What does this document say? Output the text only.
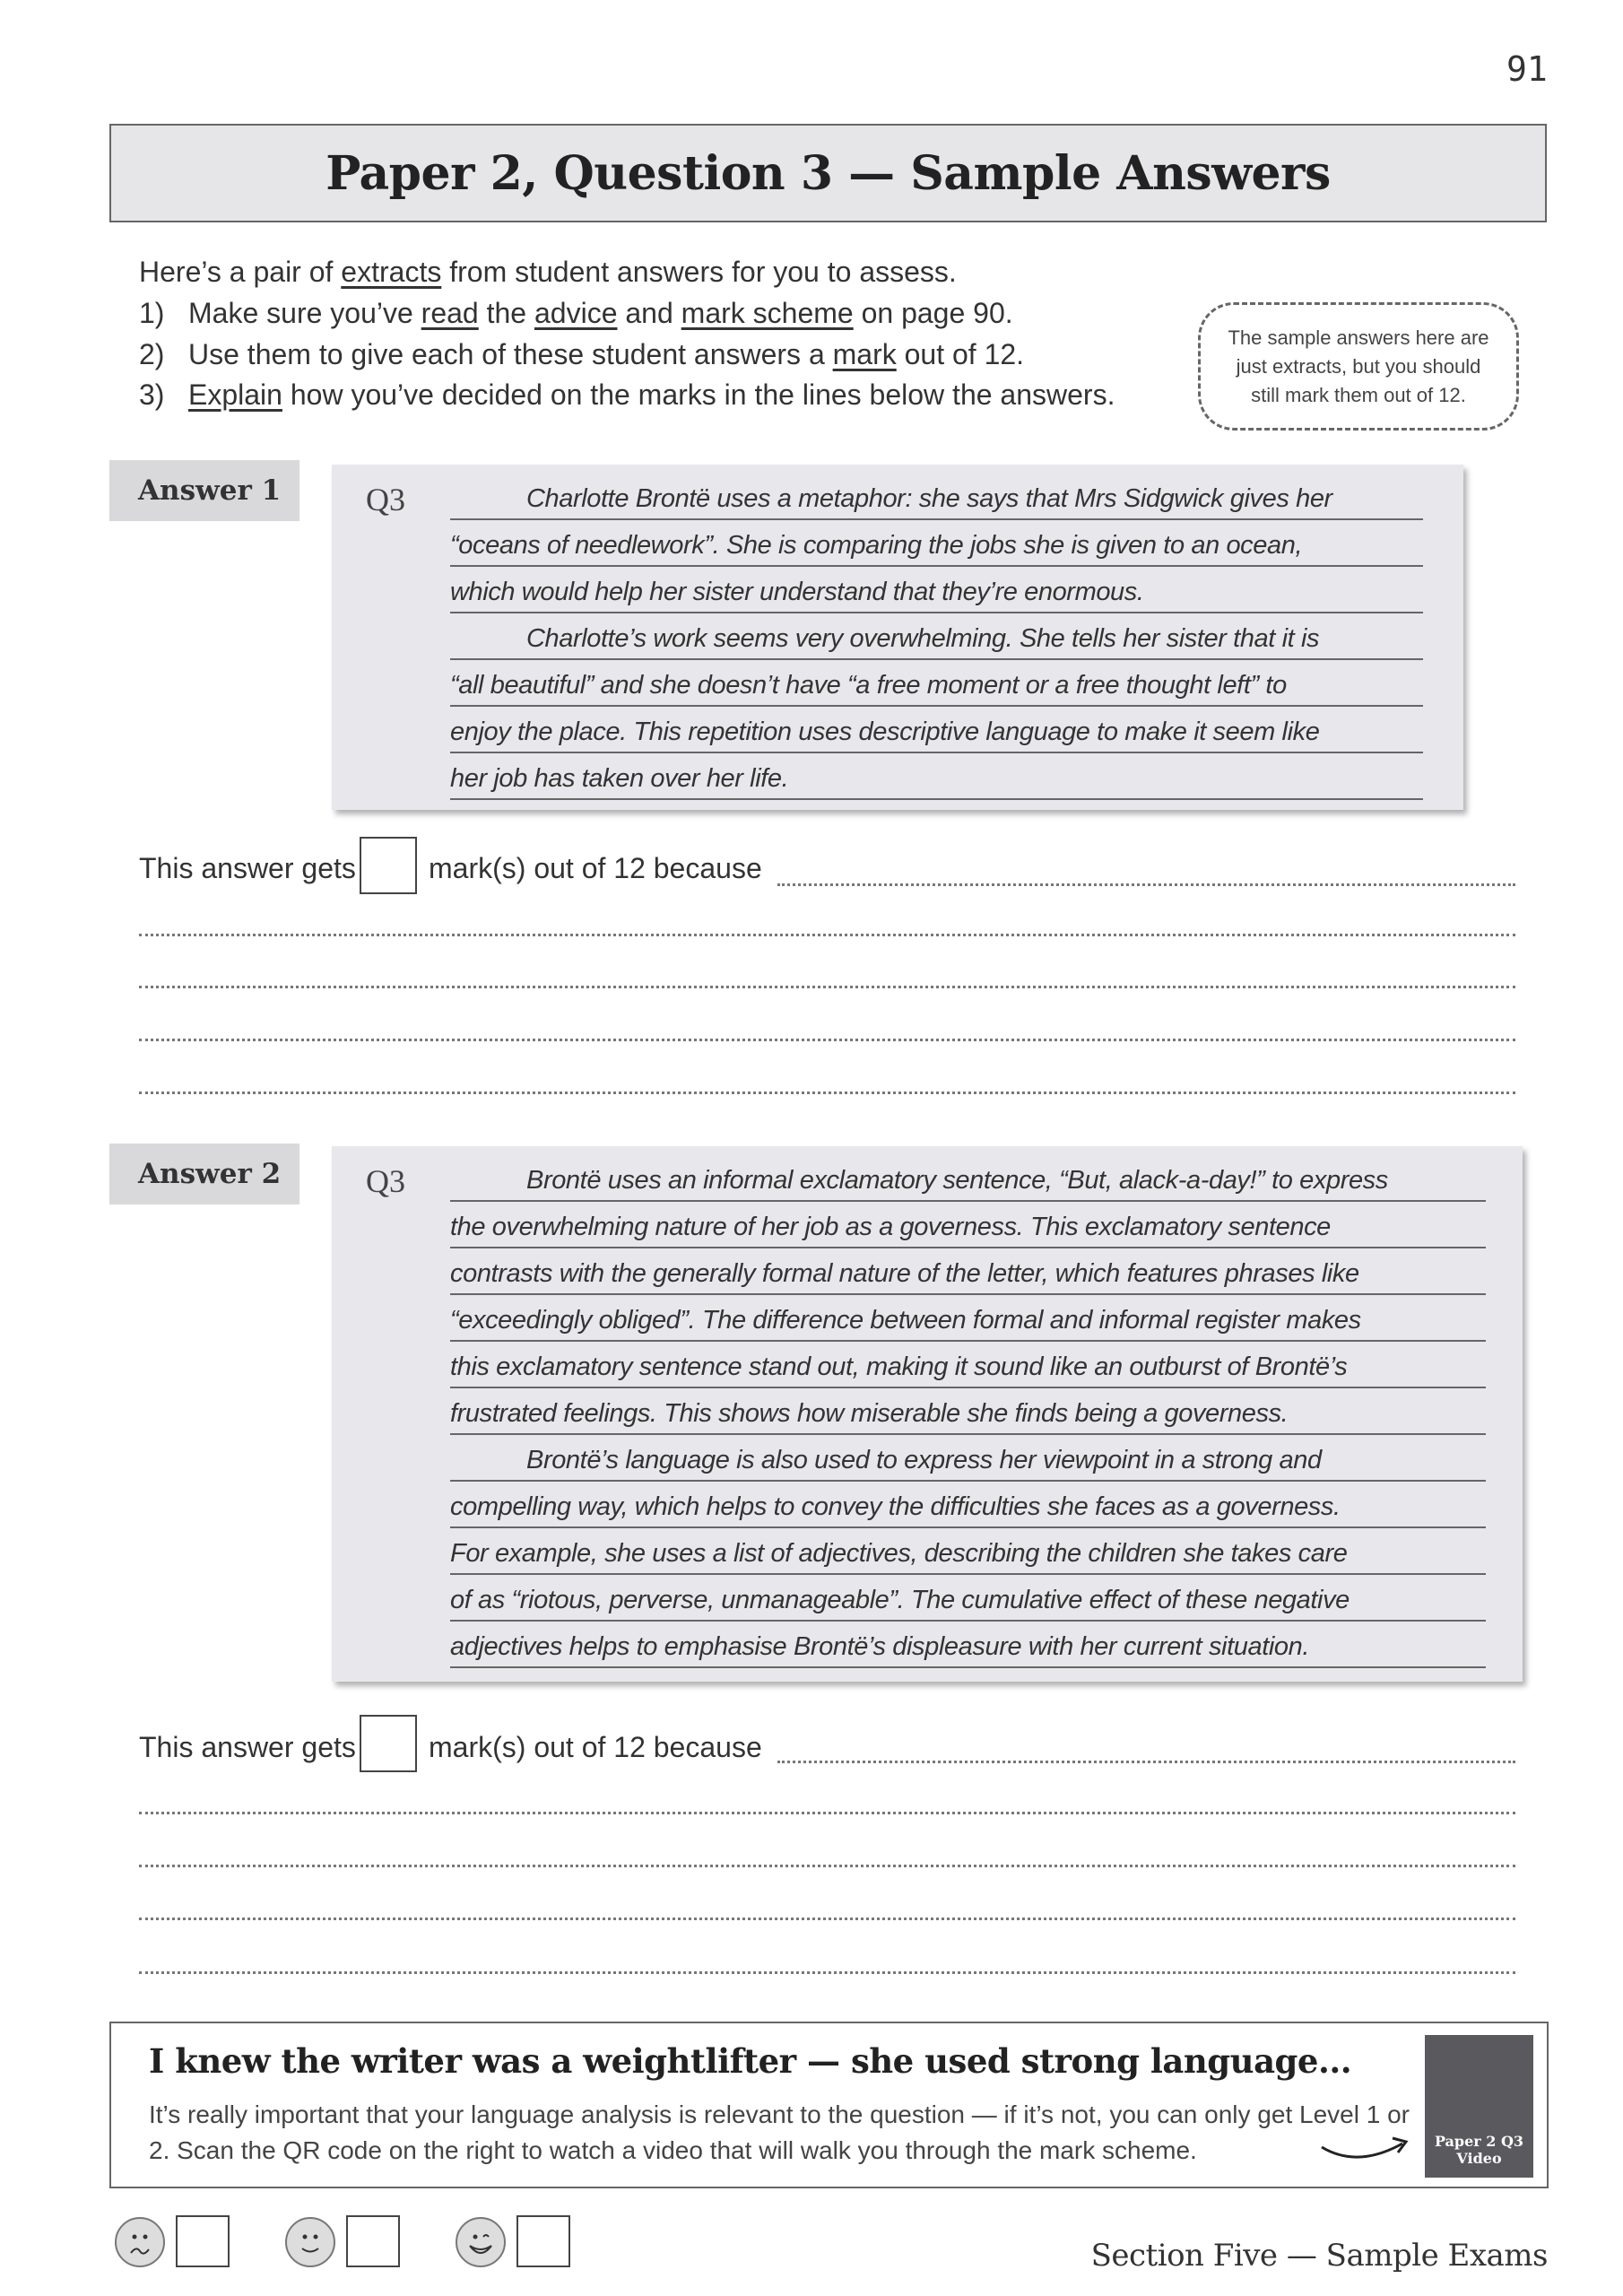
91
Paper 2, Question 3 — Sample Answers
Here’s a pair of extracts from student answers for you to assess.
1) Make sure you’ve read the advice and mark scheme on page 90.
2) Use them to give each of these student answers a mark out of 12.
3) Explain how you’ve decided on the marks in the lines below the answers.
The sample answers here are just extracts, but you should still mark them out of 12.
Answer 1	Q3	Charlotte Brontë uses a metaphor: she says that Mrs Sidgwick gives her
“oceans of needlework”. She is comparing the jobs she is given to an ocean,
which would help her sister understand that they’re enormous.
Charlotte’s work seems very overwhelming. She tells her sister that it is
“all beautiful” and she doesn’t have “a free moment or a free thought left” to
enjoy the place. This repetition uses descriptive language to make it seem like
her job has taken over her life.
This answer gets	mark(s) out of 12 because
Answer 2	Q3	Brontë uses an informal exclamatory sentence, “But, alack-a-day!” to express
the overwhelming nature of her job as a governess. This exclamatory sentence
contrasts with the generally formal nature of the letter, which features phrases like
“exceedingly obliged”. The difference between formal and informal register makes
this exclamatory sentence stand out, making it sound like an outburst of Brontë’s
frustrated feelings. This shows how miserable she finds being a governess.
Brontë’s language is also used to express her viewpoint in a strong and
compelling way, which helps to convey the difficulties she faces as a governess.
For example, she uses a list of adjectives, describing the children she takes care
of as “riotous, perverse, unmanageable”. The cumulative effect of these negative
adjectives helps to emphasise Brontë’s displeasure with her current situation.
This answer gets	mark(s) out of 12 because
I knew the writer was a weightlifter — she used strong language...
It’s really important that your language analysis is relevant to the question — if it’s not, you can only get Level 1 or 2. Scan the QR code on the right to watch a video that will walk you through the mark scheme.	Paper 2 Q3
Video
Section Five — Sample Exams
